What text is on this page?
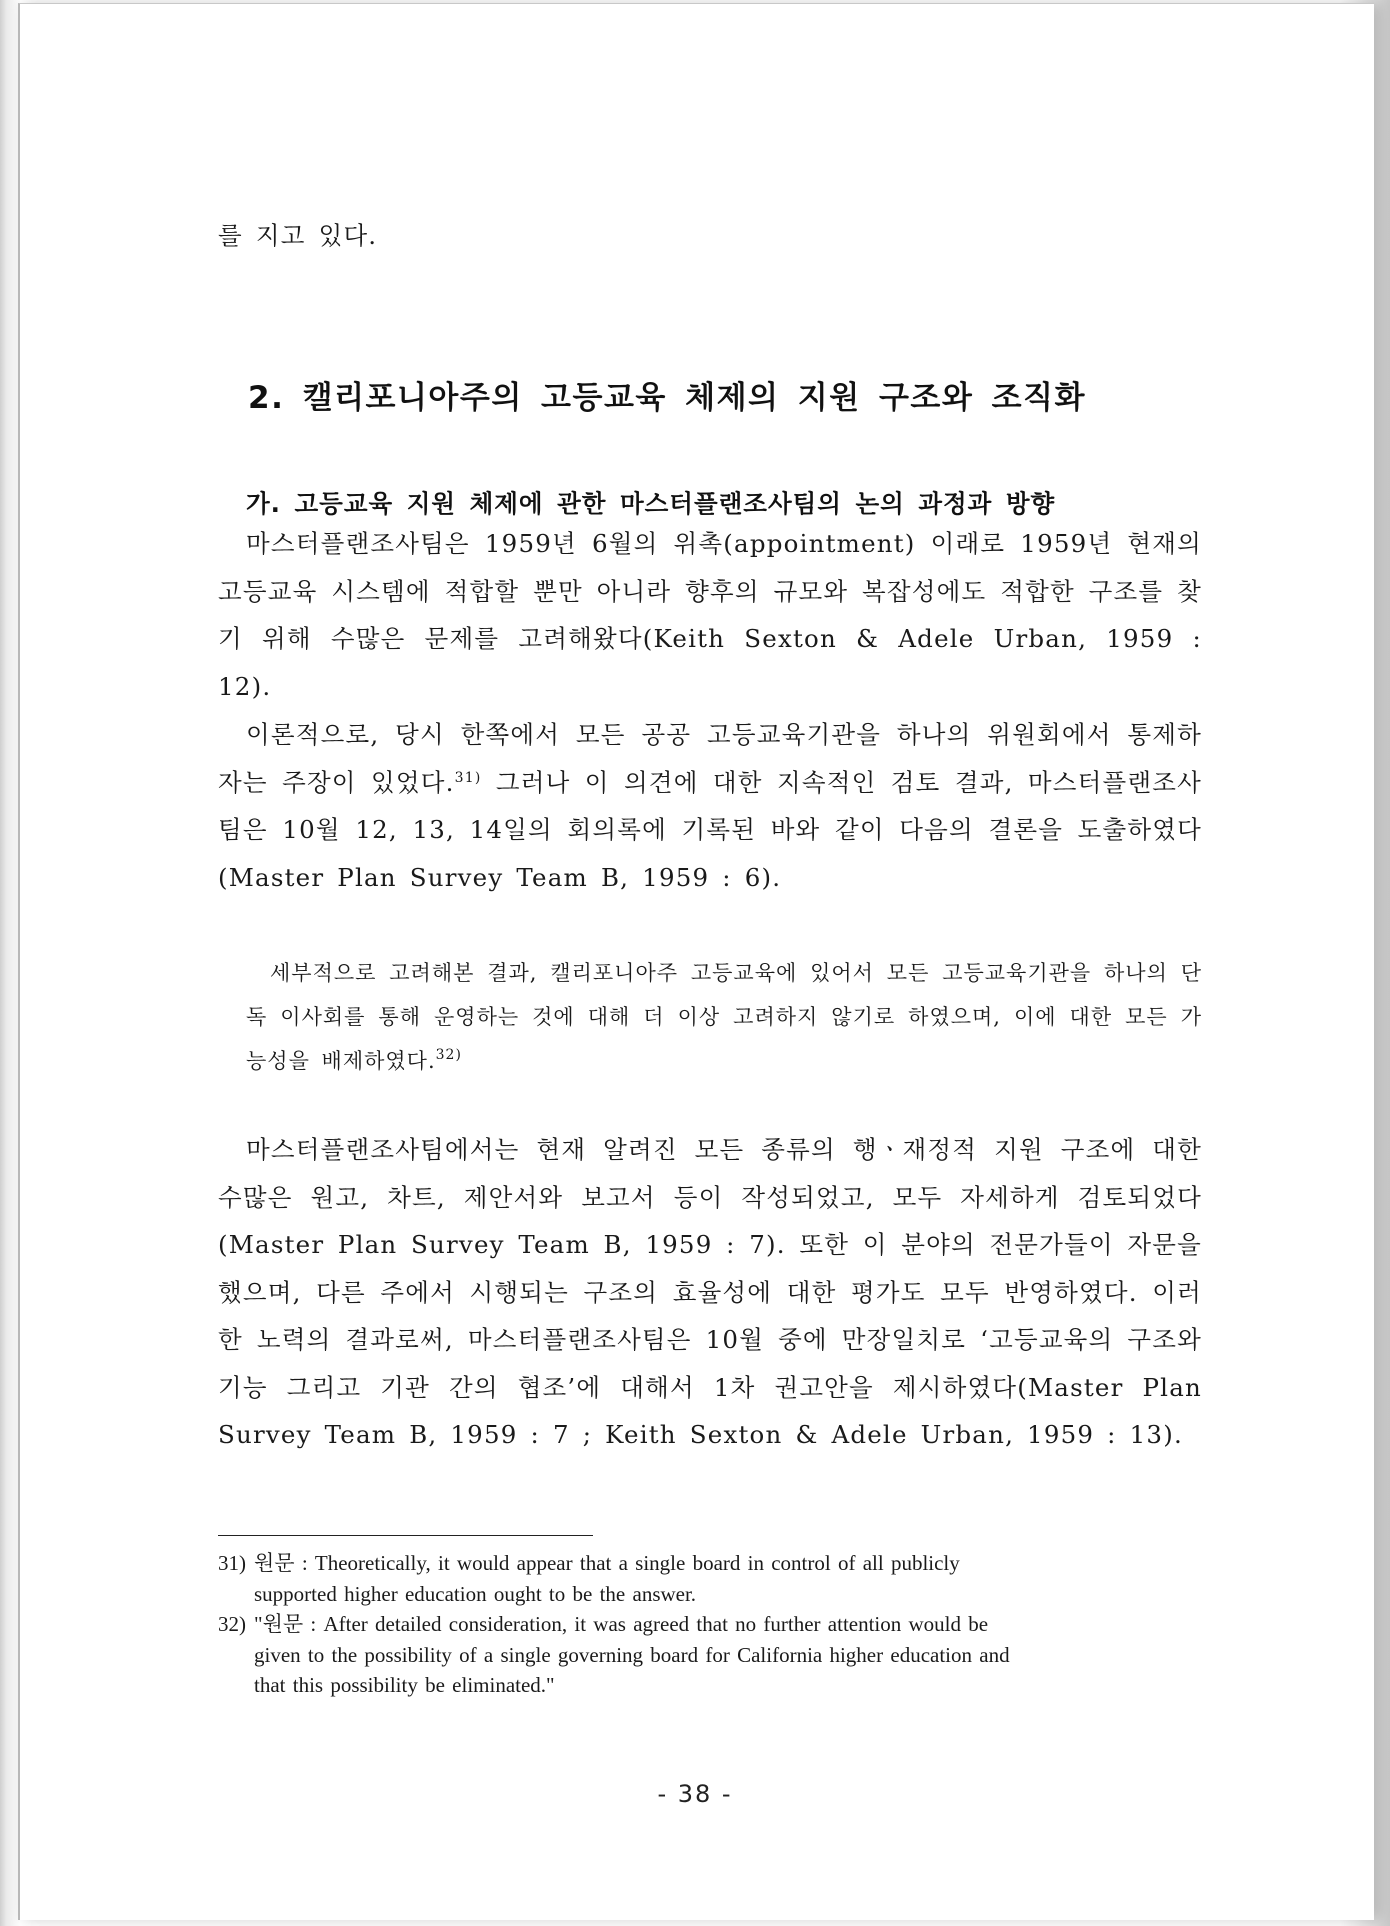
를 지고 있다.

2. 캘리포니아주의 고등교육 체제의 지원 구조와 조직화
가. 고등교육 지원 체제에 관한 마스터플랜조사팀의 논의 과정과 방향

마스터플랜조사팀은 1959년 6월의 위촉(appointment) 이래로 1959년 현재의 고등교육 시스템에 적합할 뿐만 아니라 향후의 규모와 복잡성에도 적합한 구조를 찾기 위해 수많은 문제를 고려해왔다(Keith Sexton & Adele Urban, 1959 : 12).

이론적으로, 당시 한쪽에서 모든 공공 고등교육기관을 하나의 위원회에서 통제하자는 주장이 있었다.$^{31)}$ 그러나 이 의견에 대한 지속적인 검토 결과, 마스터플랜조사팀은 10월 12, 13, 14일의 회의록에 기록된 바와 같이 다음의 결론을 도출하였다(Master Plan Survey Team B, 1959 : 6).

세부적으로 고려해본 결과, 캘리포니아주 고등교육에 있어서 모든 고등교육기관을 하나의 단독 이사회를 통해 운영하는 것에 대해 더 이상 고려하지 않기로 하였으며, 이에 대한 모든 가능성을 배제하였다.$^{32)}$

마스터플랜조사팀에서는 현재 알려진 모든 종류의 행ㆍ재정적 지원 구조에 대한 수많은 원고, 차트, 제안서와 보고서 등이 작성되었고, 모두 자세하게 검토되었다(Master Plan Survey Team B, 1959 : 7). 또한 이 분야의 전문가들이 자문을 했으며, 다른 주에서 시행되는 구조의 효율성에 대한 평가도 모두 반영하였다. 이러한 노력의 결과로써, 마스터플랜조사팀은 10월 중에 만장일치로 ‘고등교육의 구조와 기능 그리고 기관 간의 협조’에 대해서 1차 권고안을 제시하였다(Master Plan Survey Team B, 1959 : 7 ; Keith Sexton & Adele Urban, 1959 : 13).

31) 원문 : Theoretically, it would appear that a single board in control of all publicly
supported higher education ought to be the answer.
32) "원문 : After detailed consideration, it was agreed that no further attention would be
given to the possibility of a single governing board for California higher education and
that this possibility be eliminated."
- 38 -
